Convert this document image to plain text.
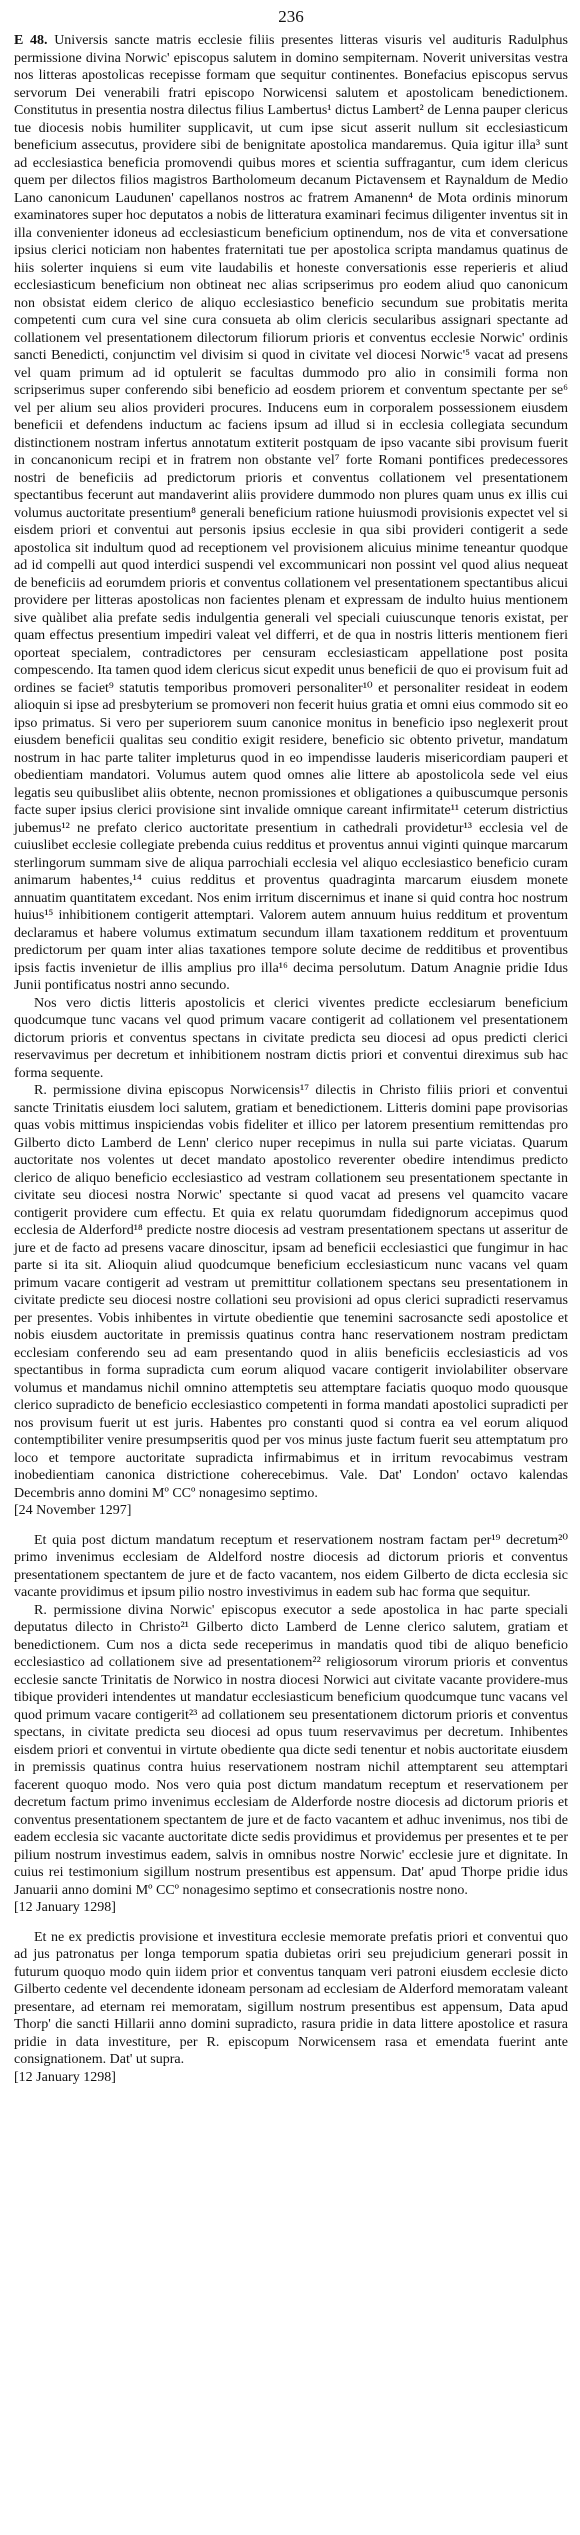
236

E 48. Universis sancte matris ecclesie filiis presentes litteras visuris vel audituris Radulphus permissione divina Norwic' episcopus salutem in domino sempiternam. Noverit universitas vestra nos litteras apostolicas recepisse formam que sequitur continentes. Bonefacius episcopus servus servorum Dei venerabili fratri episcopo Norwicensi salutem et apostolicam benedictionem. Constitutus in presentia nostra dilectus filius Lambertus¹ dictus Lambert² de Lenna pauper clericus tue diocesis nobis humiliter supplicavit, ut cum ipse sicut asserit nullum sit ecclesiasticum beneficium assecutus, providere sibi de benignitate apostolica mandaremus. Quia igitur illa³ sunt ad ecclesiastica beneficia promovendi quibus mores et scientia suffragantur, cum idem clericus quem per dilectos filios magistros Bartholomeum decanum Pictavensem et Raynaldum de Medio Lano canonicum Laudunen' capellanos nostros ac fratrem Amanenn⁴ de Mota ordinis minorum examinatores super hoc deputatos a nobis de litteratura examinari fecimus diligenter inventus sit in illa convenienter idoneus ad ecclesiasticum beneficium optinendum, nos de vita et conversatione ipsius clerici noticiam non habentes fraternitati tue per apostolica scripta mandamus quatinus de hiis solerter inquiens si eum vite laudabilis et honeste conversationis esse reperieris et aliud ecclesiasticum beneficium non obtineat nec alias scripserimus pro eodem aliud quo canonicum non obsistat eidem clerico de aliquo ecclesiastico beneficio secundum sue probitatis merita competenti cum cura vel sine cura consueta ab olim clericis secularibus assignari spectante ad collationem vel presentationem dilectorum filiorum prioris et conventus ecclesie Norwic' ordinis sancti Benedicti, conjunctim vel divisim si quod in civitate vel diocesi Norwic'⁵ vacat ad presens vel quam primum ad id optulerit se facultas dummodo pro alio in consimili forma non scripserimus super conferendo sibi beneficio ad eosdem priorem et conventum spectante per se⁶ vel per alium seu alios provideri procures. Inducens eum in corporalem possessionem eiusdem beneficii et defendens inductum ac faciens ipsum ad illud si in ecclesia collegiata secundum distinctionem nostram infertus annotatum extiterit postquam de ipso vacante sibi provisum fuerit in concanonicum recipi et in fratrem non obstante vel⁷ forte Romani pontifices predecessores nostri de beneficiis ad predictorum prioris et conventus collationem vel presentationem spectantibus fecerunt aut mandaverint aliis providere dummodo non plures quam unus ex illis cui volumus auctoritate presentium⁸ generali beneficium ratione huiusmodi provisionis expectet vel si eisdem priori et conventui aut personis ipsius ecclesie in qua sibi provideri contigerit a sede apostolica sit indultum quod ad receptionem vel provisionem alicuius minime teneantur quodque ad id compelli aut quod interdici suspendi vel excommunicari non possint vel quod alius nequeat de beneficiis ad eorumdem prioris et conventus collationem vel presentationem spectantibus alicui providere per litteras apostolicas non facientes plenam et expressam de indulto huius mentionem sive quàlibet alia prefate sedis indulgentia generali vel speciali cuiuscunque tenoris existat, per quam effectus presentium impediri valeat vel differri, et de qua in nostris litteris mentionem fieri oporteat specialem, contradictores per censuram ecclesiasticam appellatione post posita compescendo. Ita tamen quod idem clericus sicut expedit unus beneficii de quo ei provisum fuit ad ordines se faciet⁹ statutis temporibus promoveri personaliter¹⁰ et personaliter resideat in eodem alioquin si ipse ad presbyterium se promoveri non fecerit huius gratia et omni eius commodo sit eo ipso primatus. Si vero per superiorem suum canonice monitus in beneficio ipso neglexerit prout eiusdem beneficii qualitas seu conditio exigit residere, beneficio sic obtento privetur, mandatum nostrum in hac parte taliter impleturus quod in eo impendisse lauderis misericordiam pauperi et obedientiam mandatori. Volumus autem quod omnes alie littere ab apostolicola sede vel eius legatis seu quibuslibet aliis obtente, necnon promissiones et obligationes a quibuscumque personis facte super ipsius clerici provisione sint invalide omnique careant infirmitate¹¹ ceterum districtius jubemus¹² ne prefato clerico auctoritate presentium in cathedrali providetur¹³ ecclesia vel de cuiuslibet ecclesie collegiate prebenda cuius redditus et proventus annui viginti quinque marcarum sterlingorum summam sive de aliqua parrochiali ecclesia vel aliquo ecclesiastico beneficio curam animarum habentes,¹⁴ cuius redditus et proventus quadraginta marcarum eiusdem monete annuatim quantitatem excedant. Nos enim irritum discernimus et inane si quid contra hoc nostrum huius¹⁵ inhibitionem contigerit attemptari. Valorem autem annuum huius redditum et proventum declaramus et habere volumus extimatum secundum illam taxationem redditum et proventuum predictorum per quam inter alias taxationes tempore solute decime de redditibus et proventibus ipsis factis invenietur de illis amplius pro illa¹⁶ decima persolutum. Datum Anagnie pridie Idus Junii pontificatus nostri anno secundo.

Nos vero dictis litteris apostolicis et clerici viventes predicte ecclesiarum beneficium quodcumque tunc vacans vel quod primum vacare contigerit ad collationem vel presentationem dictorum prioris et conventus spectans in civitate predicta seu diocesi ad opus predicti clerici reservavimus per decretum et inhibitionem nostram dictis priori et conventui direximus sub hac forma sequente.

R. permissione divina episcopus Norwicensis¹⁷ dilectis in Christo filiis priori et conventui sancte Trinitatis eiusdem loci salutem, gratiam et benedictionem. Litteris domini pape provisorias quas vobis mittimus inspiciendas vobis fideliter et illico per latorem presentium remittendas pro Gilberto dicto Lamberd de Lenn' clerico nuper recepimus in nulla sui parte viciatas. Quarum auctoritate nos volentes ut decet mandato apostolico reverenter obedire intendimus predicto clerico de aliquo beneficio ecclesiastico ad vestram collationem seu presentationem spectante in civitate seu diocesi nostra Norwic' spectante si quod vacat ad presens vel quamcito vacare contigerit providere cum effectu. Et quia ex relatu quorumdam fidedignorum accepimus quod ecclesia de Alderford¹⁸ predicte nostre diocesis ad vestram presentationem spectans ut asseritur de jure et de facto ad presens vacare dinoscitur, ipsam ad beneficii ecclesiastici que fungimur in hac parte si ita sit. Alioquin aliud quodcumque beneficium ecclesiasticum nunc vacans vel quam primum vacare contigerit ad vestram ut premittitur collationem spectans seu presentationem in civitate predicte seu diocesi nostre collationi seu provisioni ad opus clerici supradicti reservamus per presentes. Vobis inhibentes in virtute obedientie que tenemini sacrosancte sedi apostolice et nobis eiusdem auctoritate in premissis quatinus contra hanc reservationem nostram predictam ecclesiam conferendo seu ad eam presentando quod in aliis beneficiis ecclesiasticis ad vos spectantibus in forma supradicta cum eorum aliquod vacare contigerit inviolabiliter observare volumus et mandamus nichil omnino attemptetis seu attemptare faciatis quoquo modo quousque clerico supradicto de beneficio ecclesiastico competenti in forma mandati apostolici supradicti per nos provisum fuerit ut est juris. Habentes pro constanti quod si contra ea vel eorum aliquod contemptibiliter venire presumpseritis quod per vos minus juste factum fuerit seu attemptatum pro loco et tempore auctoritate supradicta infirmabimus et in irritum revocabimus vestram inobedientiam canonica districtione coherecebimus. Vale. Dat' London' octavo kalendas Decembris anno domini Mº CCº nonagesimo septimo.

[24 November 1297]

Et quia post dictum mandatum receptum et reservationem nostram factam per¹⁹ decretum²⁰ primo invenimus ecclesiam de Aldelford nostre diocesis ad dictorum prioris et conventus presentationem spectantem de jure et de facto vacantem, nos eidem Gilberto de dicta ecclesia sic vacante providimus et ipsum pilio nostro investivimus in eadem sub hac forma que sequitur.

R. permissione divina Norwic' episcopus executor a sede apostolica in hac parte speciali deputatus dilecto in Christo²¹ Gilberto dicto Lamberd de Lenne clerico salutem, gratiam et benedictionem. Cum nos a dicta sede receperimus in mandatis quod tibi de aliquo beneficio ecclesiastico ad collationem sive ad presentationem²² religiosorum virorum prioris et conventus ecclesie sancte Trinitatis de Norwico in nostra diocesi Norwici aut civitate vacante providere-mus tibique provideri intendentes ut mandatur ecclesiasticum beneficium quodcumque tunc vacans vel quod primum vacare contigerit²³ ad collationem seu presentationem dictorum prioris et conventus spectans, in civitate predicta seu diocesi ad opus tuum reservavimus per decretum. Inhibentes eisdem priori et conventui in virtute obediente qua dicte sedi tenentur et nobis auctoritate eiusdem in premissis quatinus contra huius reservationem nostram nichil attemptarent seu attemptari facerent quoquo modo. Nos vero quia post dictum mandatum receptum et reservationem per decretum factum primo invenimus ecclesiam de Alderforde nostre diocesis ad dictorum prioris et conventus presentationem spectantem de jure et de facto vacantem et adhuc invenimus, nos tibi de eadem ecclesia sic vacante auctoritate dicte sedis providimus et providemus per presentes et te per pilium nostrum investimus eadem, salvis in omnibus nostre Norwic' ecclesie jure et dignitate. In cuius rei testimonium sigillum nostrum presentibus est appensum. Dat' apud Thorpe pridie idus Januarii anno domini Mº CCº nonagesimo septimo et consecrationis nostre nono.

[12 January 1298]

Et ne ex predictis provisione et investitura ecclesie memorate prefatis priori et conventui quo ad jus patronatus per longa temporum spatia dubietas oriri seu prejudicium generari possit in futurum quoquo modo quin iidem prior et conventus tanquam veri patroni eiusdem ecclesie dicto Gilberto cedente vel decendente idoneam personam ad ecclesiam de Alderford memoratam valeant presentare, ad eternam rei memoratam, sigillum nostrum presentibus est appensum, Data apud Thorp' die sancti Hillarii anno domini supradicto, rasura pridie in data littere apostolice et rasura pridie in data investiture, per R. episcopum Norwicensem rasa et emendata fuerint ante consignationem. Dat' ut supra.

[12 January 1298]
